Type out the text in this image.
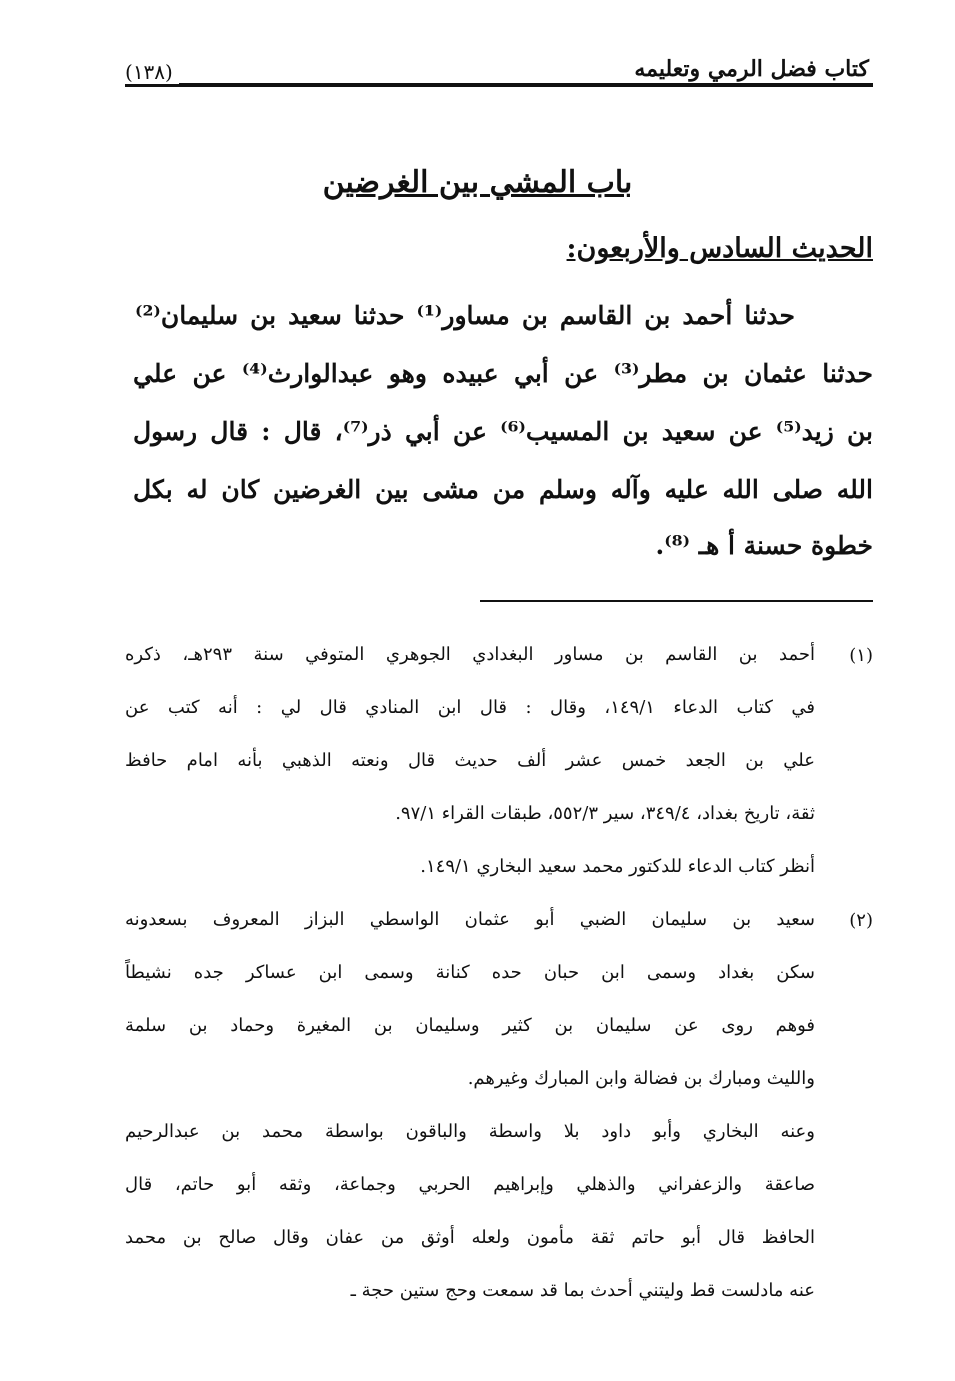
كتاب فضل الرمي وتعليمه
(١٣٨)
باب المشي بين الغرضين
الحديث السادس والأربعون:
حدثنا أحمد بن القاسم بن مساور⁽¹⁾ حدثنا سعيد بن سليمان⁽²⁾
حدثنا عثمان بن مطر⁽³⁾ عن أبي عبيده وهو عبدالوارث⁽⁴⁾ عن علي
بن زيد⁽⁵⁾ عن سعيد بن المسيب⁽⁶⁾ عن أبي ذر⁽⁷⁾، قال : قال رسول
الله صلى الله عليه وآله وسلم من مشى بين الغرضين كان له بكل
خطوة حسنة أ هـ ⁽⁸⁾.
(١)
أحمد بن القاسم بن مساور البغدادي الجوهري المتوفي سنة ٢٩٣هـ، ذكره
في كتاب الدعاء ١٤٩/١، وقال : قال ابن المنادي قال لي : أنه كتب عن
علي بن الجعد خمس عشر ألف حديث قال ونعته الذهبي بأنه امام حافظ
ثقة، تاريخ بغداد، ٣٤٩/٤، سير ٥٥٢/٣، طبقات القراء ٩٧/١.
أنظر كتاب الدعاء للدكتور محمد سعيد البخاري ١٤٩/١.
(٢)
سعيد بن سليمان الضبي أبو عثمان الواسطي البزاز المعروف بسعدونه
سكن بغداد وسمى ابن حبان حده كنانة وسمى ابن عساكر جده نشيطاً
فوهم روى عن سليمان بن كثير وسليمان بن المغيرة وحماد بن سلمة
والليث ومبارك بن فضالة وابن المبارك وغيرهم.
وعنه البخاري وأبو داود بلا واسطة والباقون بواسطة محمد بن عبدالرحيم
صاعقة والزعفراني والذهلي وإبراهيم الحربي وجماعة، وثقه أبو حاتم، قال
الحافظ قال أبو حاتم ثقة مأمون ولعله أوثق من عفان وقال صالح بن محمد
عنه مادلست قط وليتني أحدث بما قد سمعت وحج ستين حجة ـ
